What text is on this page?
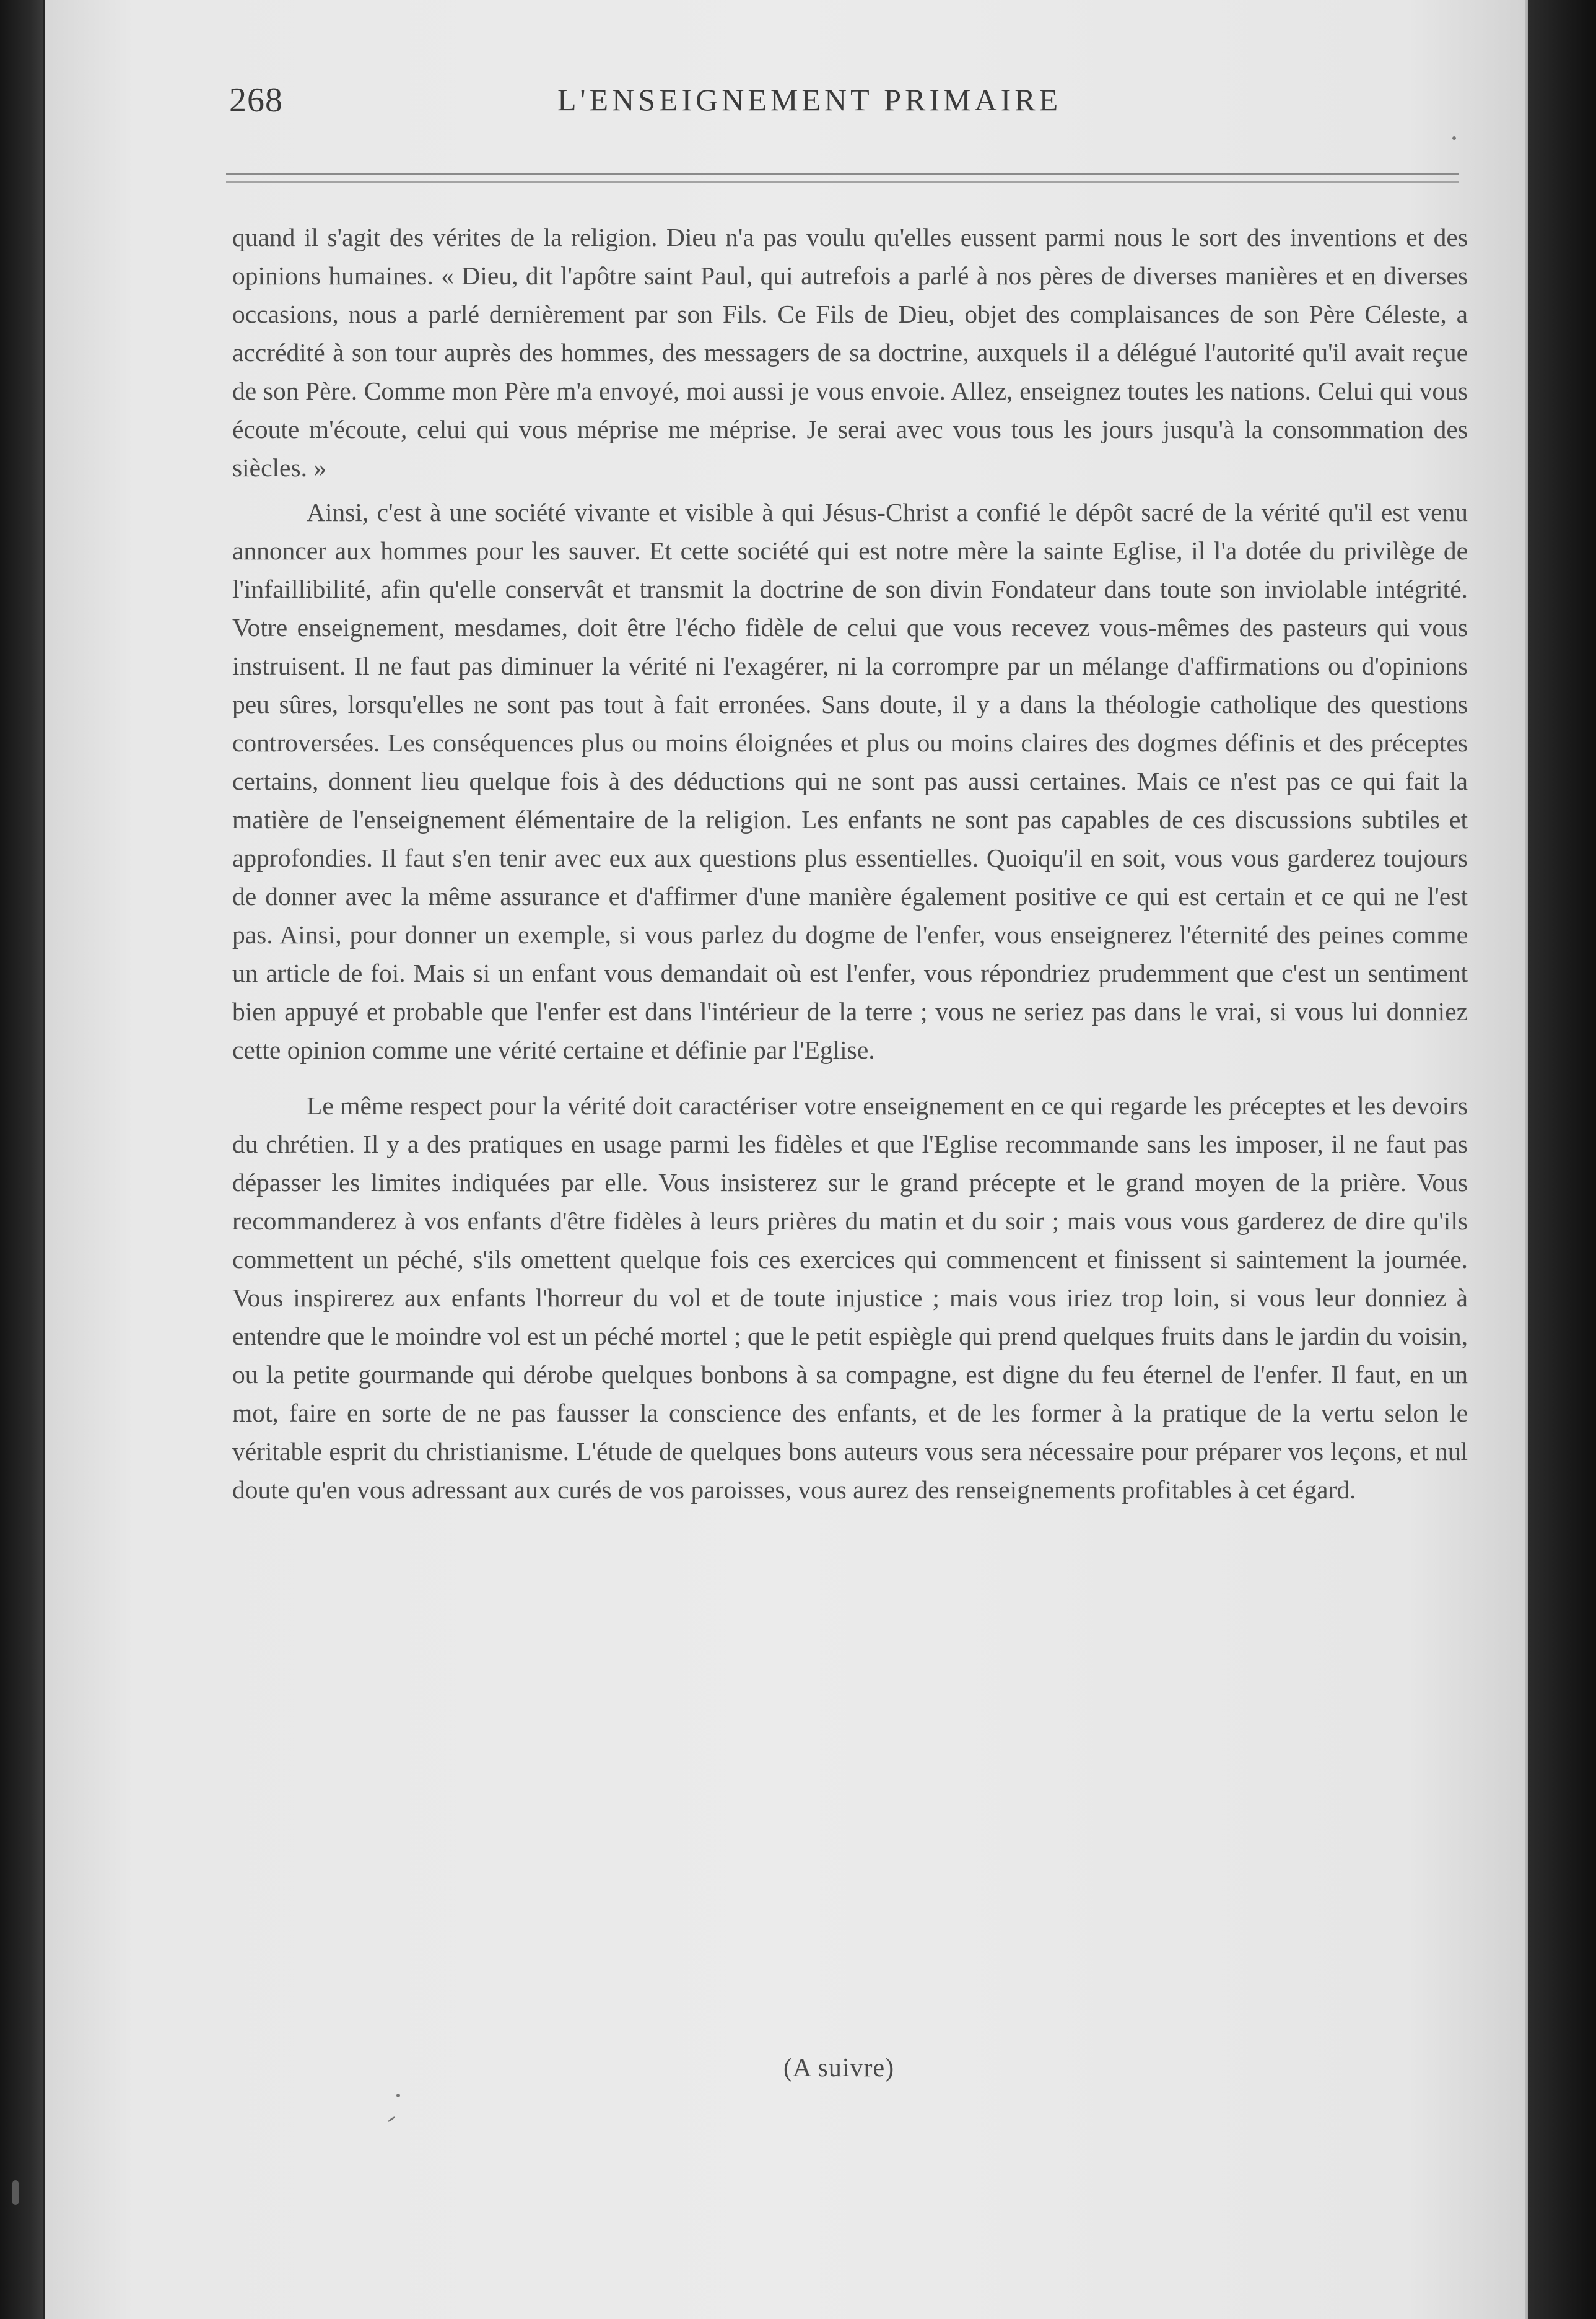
268	L'ENSEIGNEMENT PRIMAIRE

quand il s'agit des vérites de la religion. Dieu n'a pas voulu qu'elles eussent parmi nous le sort des inventions et des opinions humaines. « Dieu, dit l'apôtre saint Paul, qui autrefois a parlé à nos pères de diverses manières et en diverses occasions, nous a parlé dernièrement par son Fils. Ce Fils de Dieu, objet des complaisances de son Père Céleste, a accrédité à son tour auprès des hommes, des messagers de sa doctrine, auxquels il a délégué l'autorité qu'il avait reçue de son Père. Comme mon Père m'a envoyé, moi aussi je vous envoie. Allez, enseignez toutes les nations. Celui qui vous écoute m'écoute, celui qui vous méprise me méprise. Je serai avec vous tous les jours jusqu'à la consommation des siècles. »

Ainsi, c'est à une société vivante et visible à qui Jésus-Christ a confié le dépôt sacré de la vérité qu'il est venu annoncer aux hommes pour les sauver. Et cette société qui est notre mère la sainte Eglise, il l'a dotée du privilège de l'infaillibilité, afin qu'elle conservât et transmit la doctrine de son divin Fondateur dans toute son inviolable intégrité. Votre enseignement, mesdames, doit être l'écho fidèle de celui que vous recevez vous-mêmes des pasteurs qui vous instruisent. Il ne faut pas diminuer la vérité ni l'exagérer, ni la corrompre par un mélange d'affirmations ou d'opinions peu sûres, lorsqu'elles ne sont pas tout à fait erronées. Sans doute, il y a dans la théologie catholique des questions controversées. Les conséquences plus ou moins éloignées et plus ou moins claires des dogmes définis et des préceptes certains, donnent lieu quelque fois à des déductions qui ne sont pas aussi certaines. Mais ce n'est pas ce qui fait la matière de l'enseignement élémentaire de la religion. Les enfants ne sont pas capables de ces discussions subtiles et approfondies. Il faut s'en tenir avec eux aux questions plus essentielles. Quoiqu'il en soit, vous vous garderez toujours de donner avec la même assurance et d'affirmer d'une manière également positive ce qui est certain et ce qui ne l'est pas. Ainsi, pour donner un exemple, si vous parlez du dogme de l'enfer, vous enseignerez l'éternité des peines comme un article de foi. Mais si un enfant vous demandait où est l'enfer, vous répondriez prudemment que c'est un sentiment bien appuyé et probable que l'enfer est dans l'intérieur de la terre ; vous ne seriez pas dans le vrai, si vous lui donniez cette opinion comme une vérité certaine et définie par l'Eglise.

Le même respect pour la vérité doit caractériser votre enseignement en ce qui regarde les préceptes et les devoirs du chrétien. Il y a des pratiques en usage parmi les fidèles et que l'Eglise recommande sans les imposer, il ne faut pas dépasser les limites indiquées par elle. Vous insisterez sur le grand précepte et le grand moyen de la prière. Vous recommanderez à vos enfants d'être fidèles à leurs prières du matin et du soir ; mais vous vous garderez de dire qu'ils commettent un péché, s'ils omettent quelque fois ces exercices qui commencent et finissent si saintement la journée. Vous inspirerez aux enfants l'horreur du vol et de toute injustice ; mais vous iriez trop loin, si vous leur donniez à entendre que le moindre vol est un péché mortel ; que le petit espiègle qui prend quelques fruits dans le jardin du voisin, ou la petite gourmande qui dérobe quelques bonbons à sa compagne, est digne du feu éternel de l'enfer. Il faut, en un mot, faire en sorte de ne pas fausser la conscience des enfants, et de les former à la pratique de la vertu selon le véritable esprit du christianisme. L'étude de quelques bons auteurs vous sera nécessaire pour préparer vos leçons, et nul doute qu'en vous adressant aux curés de vos paroisses, vous aurez des renseignements profitables à cet égard.

(A suivre)
